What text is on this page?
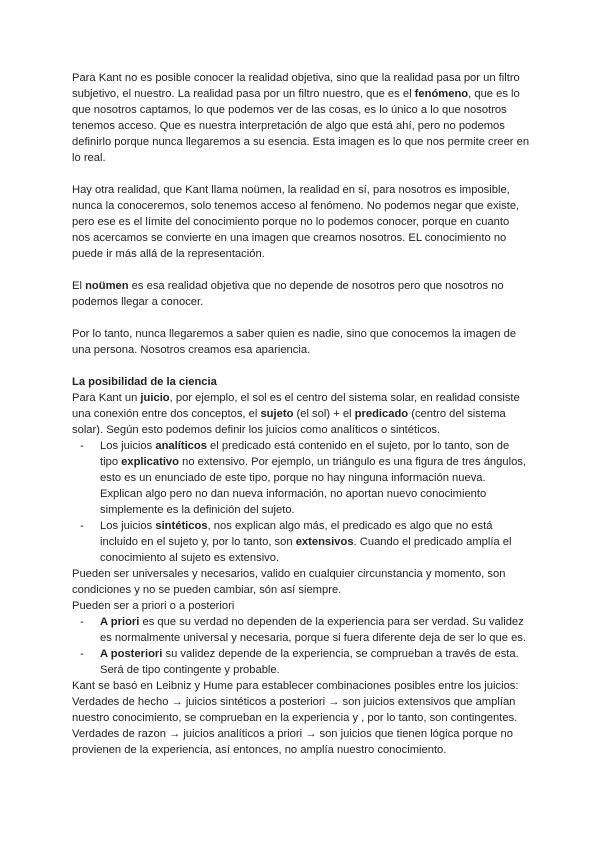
Para Kant no es posible conocer la realidad objetiva, sino que la realidad pasa por un filtro subjetivo, el nuestro. La realidad pasa por un filtro nuestro, que es el fenómeno, que es lo que nosotros captamos, lo que podemos ver de las cosas, es lo único a lo que nosotros tenemos acceso. Que es nuestra interpretación de algo que está ahí, pero no podemos definirlo porque nunca llegaremos a su esencia. Esta imagen es lo que nos permite creer en lo real.

Hay otra realidad, que Kant llama noümen, la realidad en sí, para nosotros es imposible, nunca la conoceremos, solo tenemos acceso al fenómeno. No podemos negar que existe, pero ese es el límite del conocimiento porque no lo podemos conocer, porque en cuanto nos acercamos se convierte en una imagen que creamos nosotros. EL conocimiento no puede ir más allá de la representación.

El noümen es esa realidad objetiva que no depende de nosotros pero que nosotros no podemos llegar a conocer.

Por lo tanto, nunca llegaremos a saber quien es nadie, sino que conocemos la imagen de una persona. Nosotros creamos esa apariencia.

La posibilidad de la ciencia

Para Kant un juicio, por ejemplo, el sol es el centro del sistema solar, en realidad consiste una conexión entre dos conceptos, el sujeto (el sol) + el predicado (centro del sistema solar). Según esto podemos definir los juicios como analíticos o sintéticos.

- Los juicios analíticos el predicado está contenido en el sujeto, por lo tanto, son de tipo explicativo no extensivo. Por ejemplo, un triángulo es una figura de tres ángulos, esto es un enunciado de este tipo, porque no hay ninguna información nueva. Explican algo pero no dan nueva información, no aportan nuevo conocimiento simplemente es la definición del sujeto.
- Los juicios sintéticos, nos explican algo más, el predicado es algo que no está incluido en el sujeto y, por lo tanto, son extensivos. Cuando el predicado amplía el conocimiento al sujeto es extensivo.

Pueden ser universales y necesarios, valido en cualquier circunstancia y momento, son condiciones y no se pueden cambiar, són así siempre.

Pueden ser a priori o a posteriori

- A priori es que su verdad no dependen de la experiencia para ser verdad. Su validez es normalmente universal y necesaria, porque si fuera diferente deja de ser lo que es.
- A posteriori su validez depende de la experiencia, se comprueban a través de esta. Será de tipo contingente y probable.

Kant se basó en Leibniz y Hume para establecer combinaciones posibles entre los juicios:

Verdades de hecho → juicios sintéticos a posteriori → son juicios extensivos que amplían nuestro conocimiento, se comprueban en la experiencia y , por lo tanto, son contingentes.

Verdades de razon → juicios analíticos a priori → son juicios que tienen lógica porque no provienen de la experiencia, así entonces, no amplía nuestro conocimiento.
